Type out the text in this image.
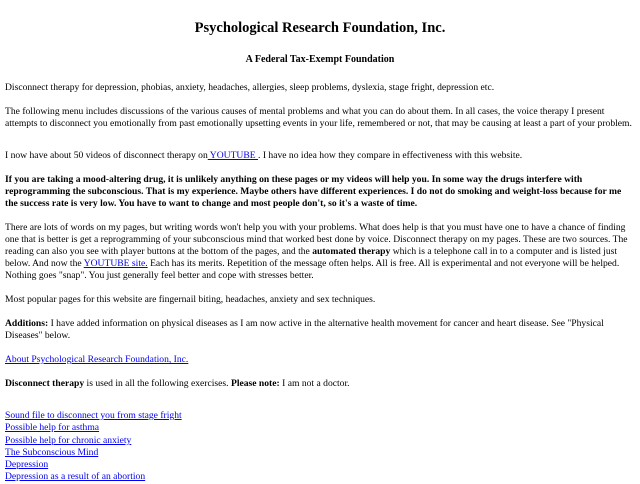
Psychological Research Foundation, Inc.
A Federal Tax-Exempt Foundation

Disconnect therapy for depression, phobias, anxiety, headaches, allergies, sleep problems, dyslexia, stage fright, depression etc.

The following menu includes discussions of the various causes of mental problems and what you can do about them. In all cases, the voice therapy I present attempts to disconnect you emotionally from past emotionally upsetting events in your life, remembered or not, that may be causing at least a part of your problem.

I now have about 50 videos of disconnect therapy on YOUTUBE . I have no idea how they compare in effectiveness with this website.

If you are taking a mood-altering drug, it is unlikely anything on these pages or my videos will help you. In some way the drugs interfere with reprogramming the subconscious. That is my experience. Maybe others have different experiences. I do not do smoking and weight-loss because for me the success rate is very low. You have to want to change and most people don't, so it's a waste of time.

There are lots of words on my pages, but writing words won't help you with your problems. What does help is that you must have one to have a chance of finding one that is better is get a reprogramming of your subconscious mind that worked best done by voice. Disconnect therapy on my pages. These are two sources. The reading can also you see with player buttons at the bottom of the pages, and the automated therapy which is a telephone call in to a computer and is listed just below. And now the YOUTUBE site. Each has its merits. Repetition of the message often helps. All is free. All is experimental and not everyone will be helped. Nothing goes "snap". You just generally feel better and cope with stresses better.

Most popular pages for this website are fingernail biting, headaches, anxiety and sex techniques.

Additions: I have added information on physical diseases as I am now active in the alternative health movement for cancer and heart disease. See "Physical Diseases" below.

About Psychological Research Foundation, Inc.

Disconnect therapy is used in all the following exercises. Please note: I am not a doctor.

Sound file to disconnect you from stage fright

Possible help for asthma

Possible help for chronic anxiety

The Subconscious Mind

Depression

Depression as a result of an abortion
